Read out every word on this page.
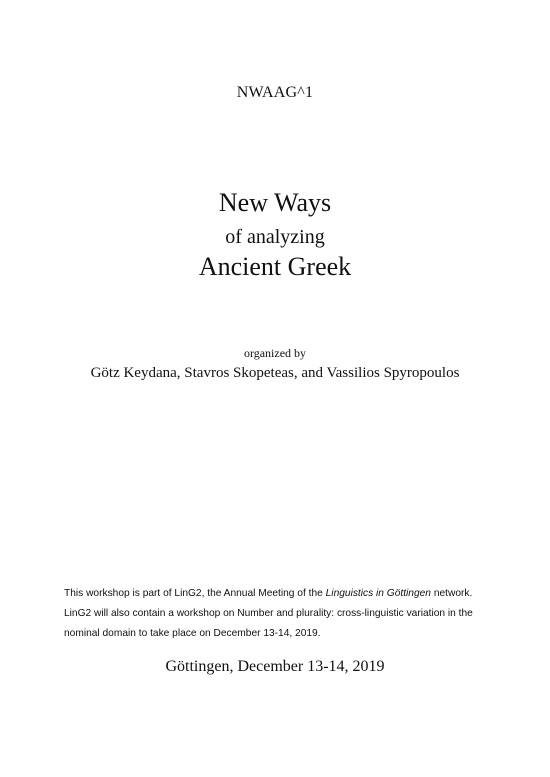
NWAAG^1
New Ways
of analyzing
Ancient Greek
organized by
Götz Keydana, Stavros Skopeteas, and Vassilios Spyropoulos
This workshop is part of LinG2, the Annual Meeting of the Linguistics in Göttingen network. LinG2 will also contain a workshop on Number and plurality: cross-linguistic variation in the nominal domain to take place on December 13-14, 2019.
Göttingen, December 13-14, 2019
